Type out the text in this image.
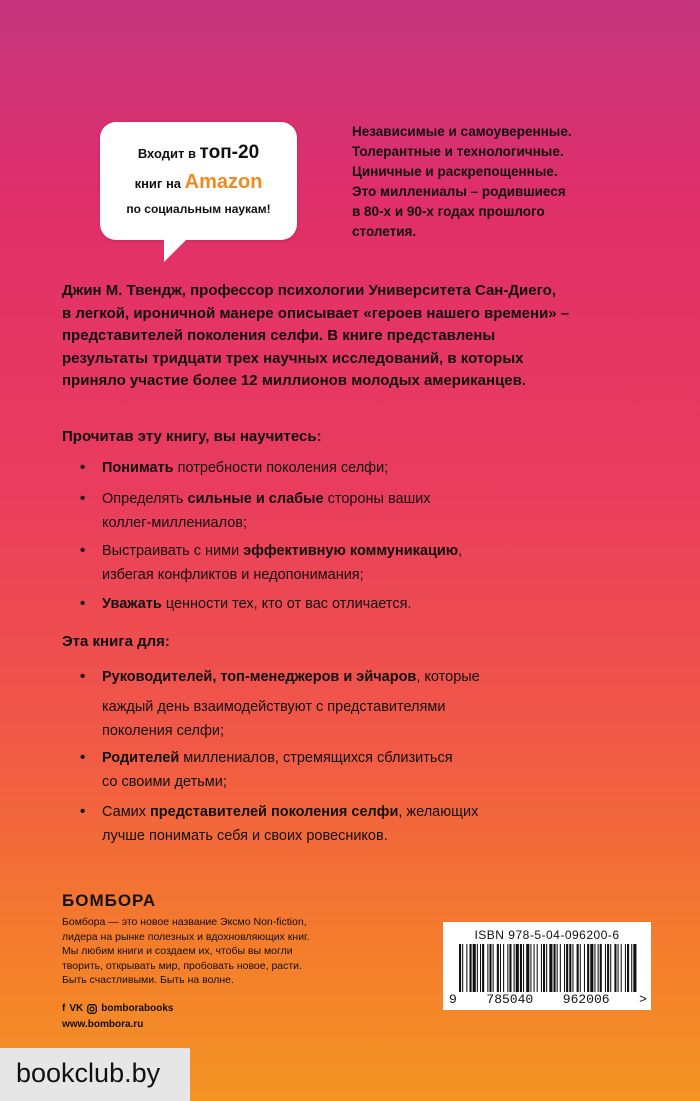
Входит в топ-20
книг на Amazon
по социальным наукам!
Независимые и самоуверенные.
Толерантные и технологичные.
Циничные и раскрепощенные.
Это миллениалы – родившиеся
в 80-х и 90-х годах прошлого
столетия.
Джин М. Твендж, профессор психологии Университета Сан-Диего,
в легкой, ироничной манере описывает «героев нашего времени» –
представителей поколения селфи. В книге представлены
результаты тридцати трех научных исследований, в которых
приняло участие более 12 миллионов молодых американцев.
Прочитав эту книгу, вы научитесь:
• Понимать потребности поколения селфи;
• Определять сильные и слабые стороны ваших
коллег-миллениалов;
• Выстраивать с ними эффективную коммуникацию,
избегая конфликтов и недопонимания;
• Уважать ценности тех, кто от вас отличается.
Эта книга для:
• Руководителей, топ-менеджеров и эйчаров, которые
каждый день взаимодействуют с представителями
поколения селфи;
• Родителей миллениалов, стремящихся сблизиться
со своими детьми;
• Самих представителей поколения селфи, желающих
лучше понимать себя и своих ровесников.
БОМБОРА
Бомбора — это новое название Эксмо Non-fiction,
лидера на рынке полезных и вдохновляющих книг.
Мы любим книги и создаем их, чтобы вы могли
творить, открывать мир, пробовать новое, расти.
Быть счастливыми. Быть на волне.
f VK bomborabooks
www.bombora.ru
ISBN 978-5-04-096200-6
9 785040 962006 >
bookclub.by
